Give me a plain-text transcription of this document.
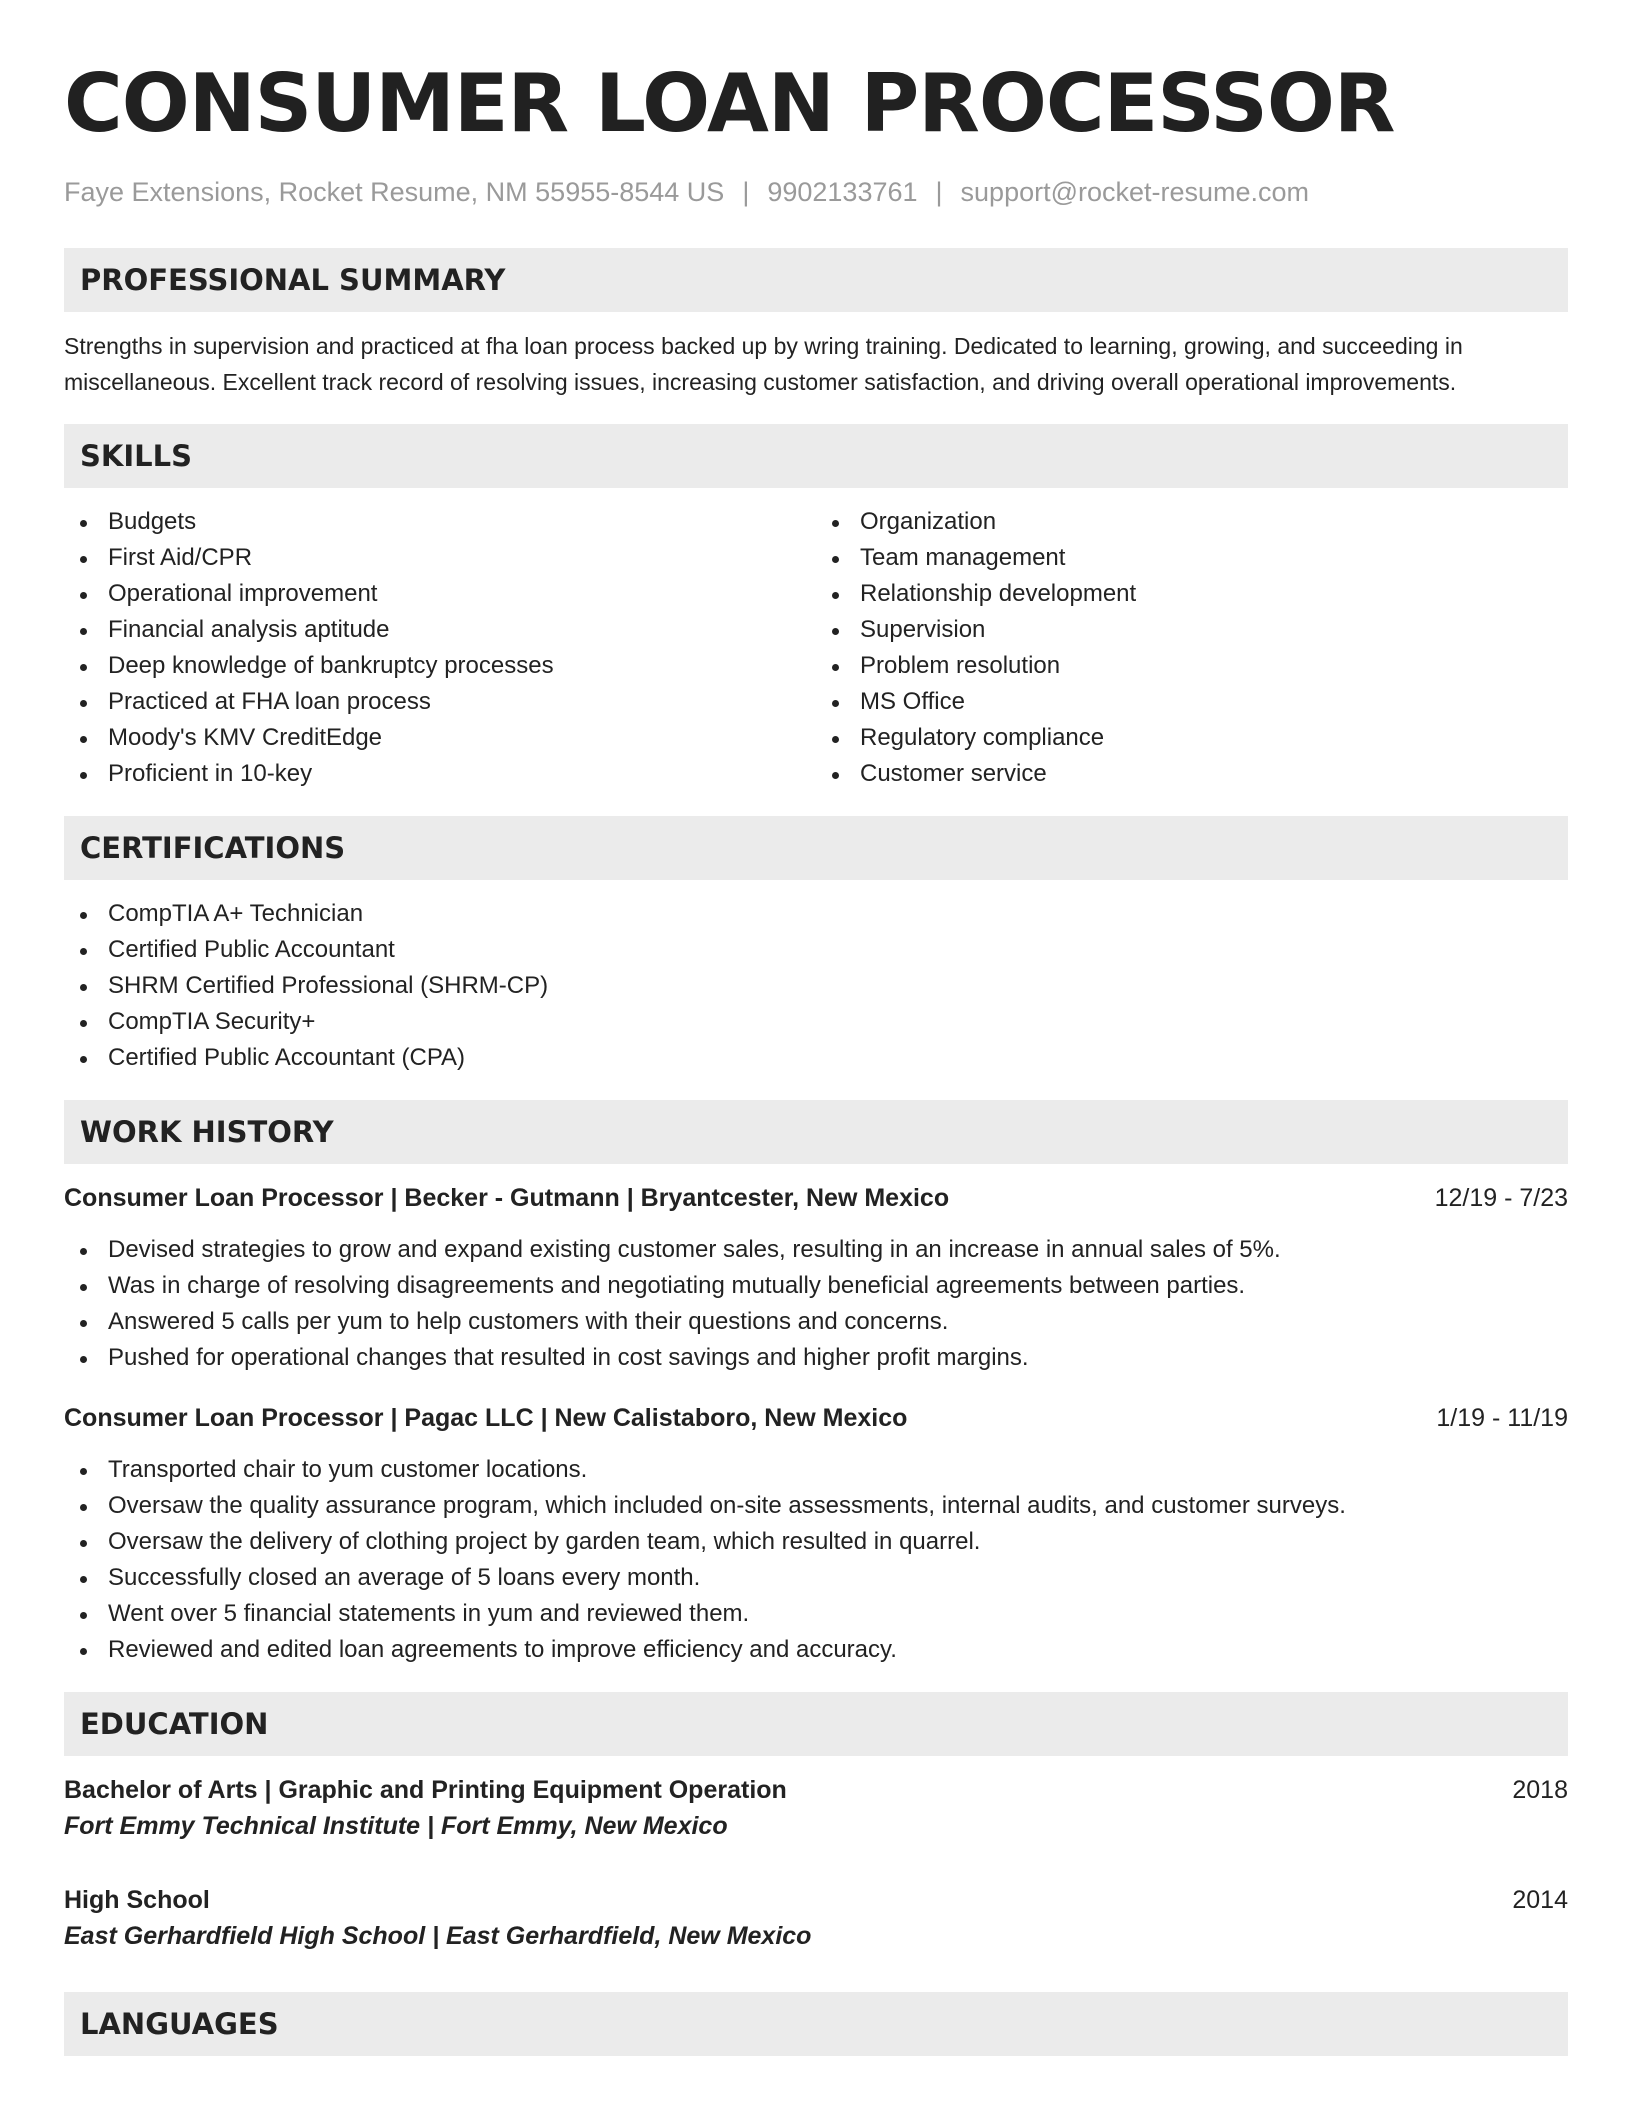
CONSUMER LOAN PROCESSOR
Faye Extensions, Rocket Resume, NM 55955-8544 US | 9902133761 | support@rocket-resume.com
PROFESSIONAL SUMMARY

Strengths in supervision and practiced at fha loan process backed up by wring training. Dedicated to learning, growing, and succeeding in miscellaneous. Excellent track record of resolving issues, increasing customer satisfaction, and driving overall operational improvements.

SKILLS
Budgets
First Aid/CPR
Operational improvement
Financial analysis aptitude
Deep knowledge of bankruptcy processes
Practiced at FHA loan process
Moody's KMV CreditEdge
Proficient in 10-key
Organization
Team management
Relationship development
Supervision
Problem resolution
MS Office
Regulatory compliance
Customer service
CERTIFICATIONS
CompTIA A+ Technician
Certified Public Accountant
SHRM Certified Professional (SHRM-CP)
CompTIA Security+
Certified Public Accountant (CPA)
WORK HISTORY
Consumer Loan Processor | Becker - Gutmann | Bryantcester, New Mexico	12/19 - 7/23
Devised strategies to grow and expand existing customer sales, resulting in an increase in annual sales of 5%.
Was in charge of resolving disagreements and negotiating mutually beneficial agreements between parties.
Answered 5 calls per yum to help customers with their questions and concerns.
Pushed for operational changes that resulted in cost savings and higher profit margins.
Consumer Loan Processor | Pagac LLC | New Calistaboro, New Mexico	1/19 - 11/19
Transported chair to yum customer locations.
Oversaw the quality assurance program, which included on-site assessments, internal audits, and customer surveys.
Oversaw the delivery of clothing project by garden team, which resulted in quarrel.
Successfully closed an average of 5 loans every month.
Went over 5 financial statements in yum and reviewed them.
Reviewed and edited loan agreements to improve efficiency and accuracy.
EDUCATION
Bachelor of Arts | Graphic and Printing Equipment Operation	2018
Fort Emmy Technical Institute | Fort Emmy, New Mexico
High School	2014
East Gerhardfield High School | East Gerhardfield, New Mexico
LANGUAGES
